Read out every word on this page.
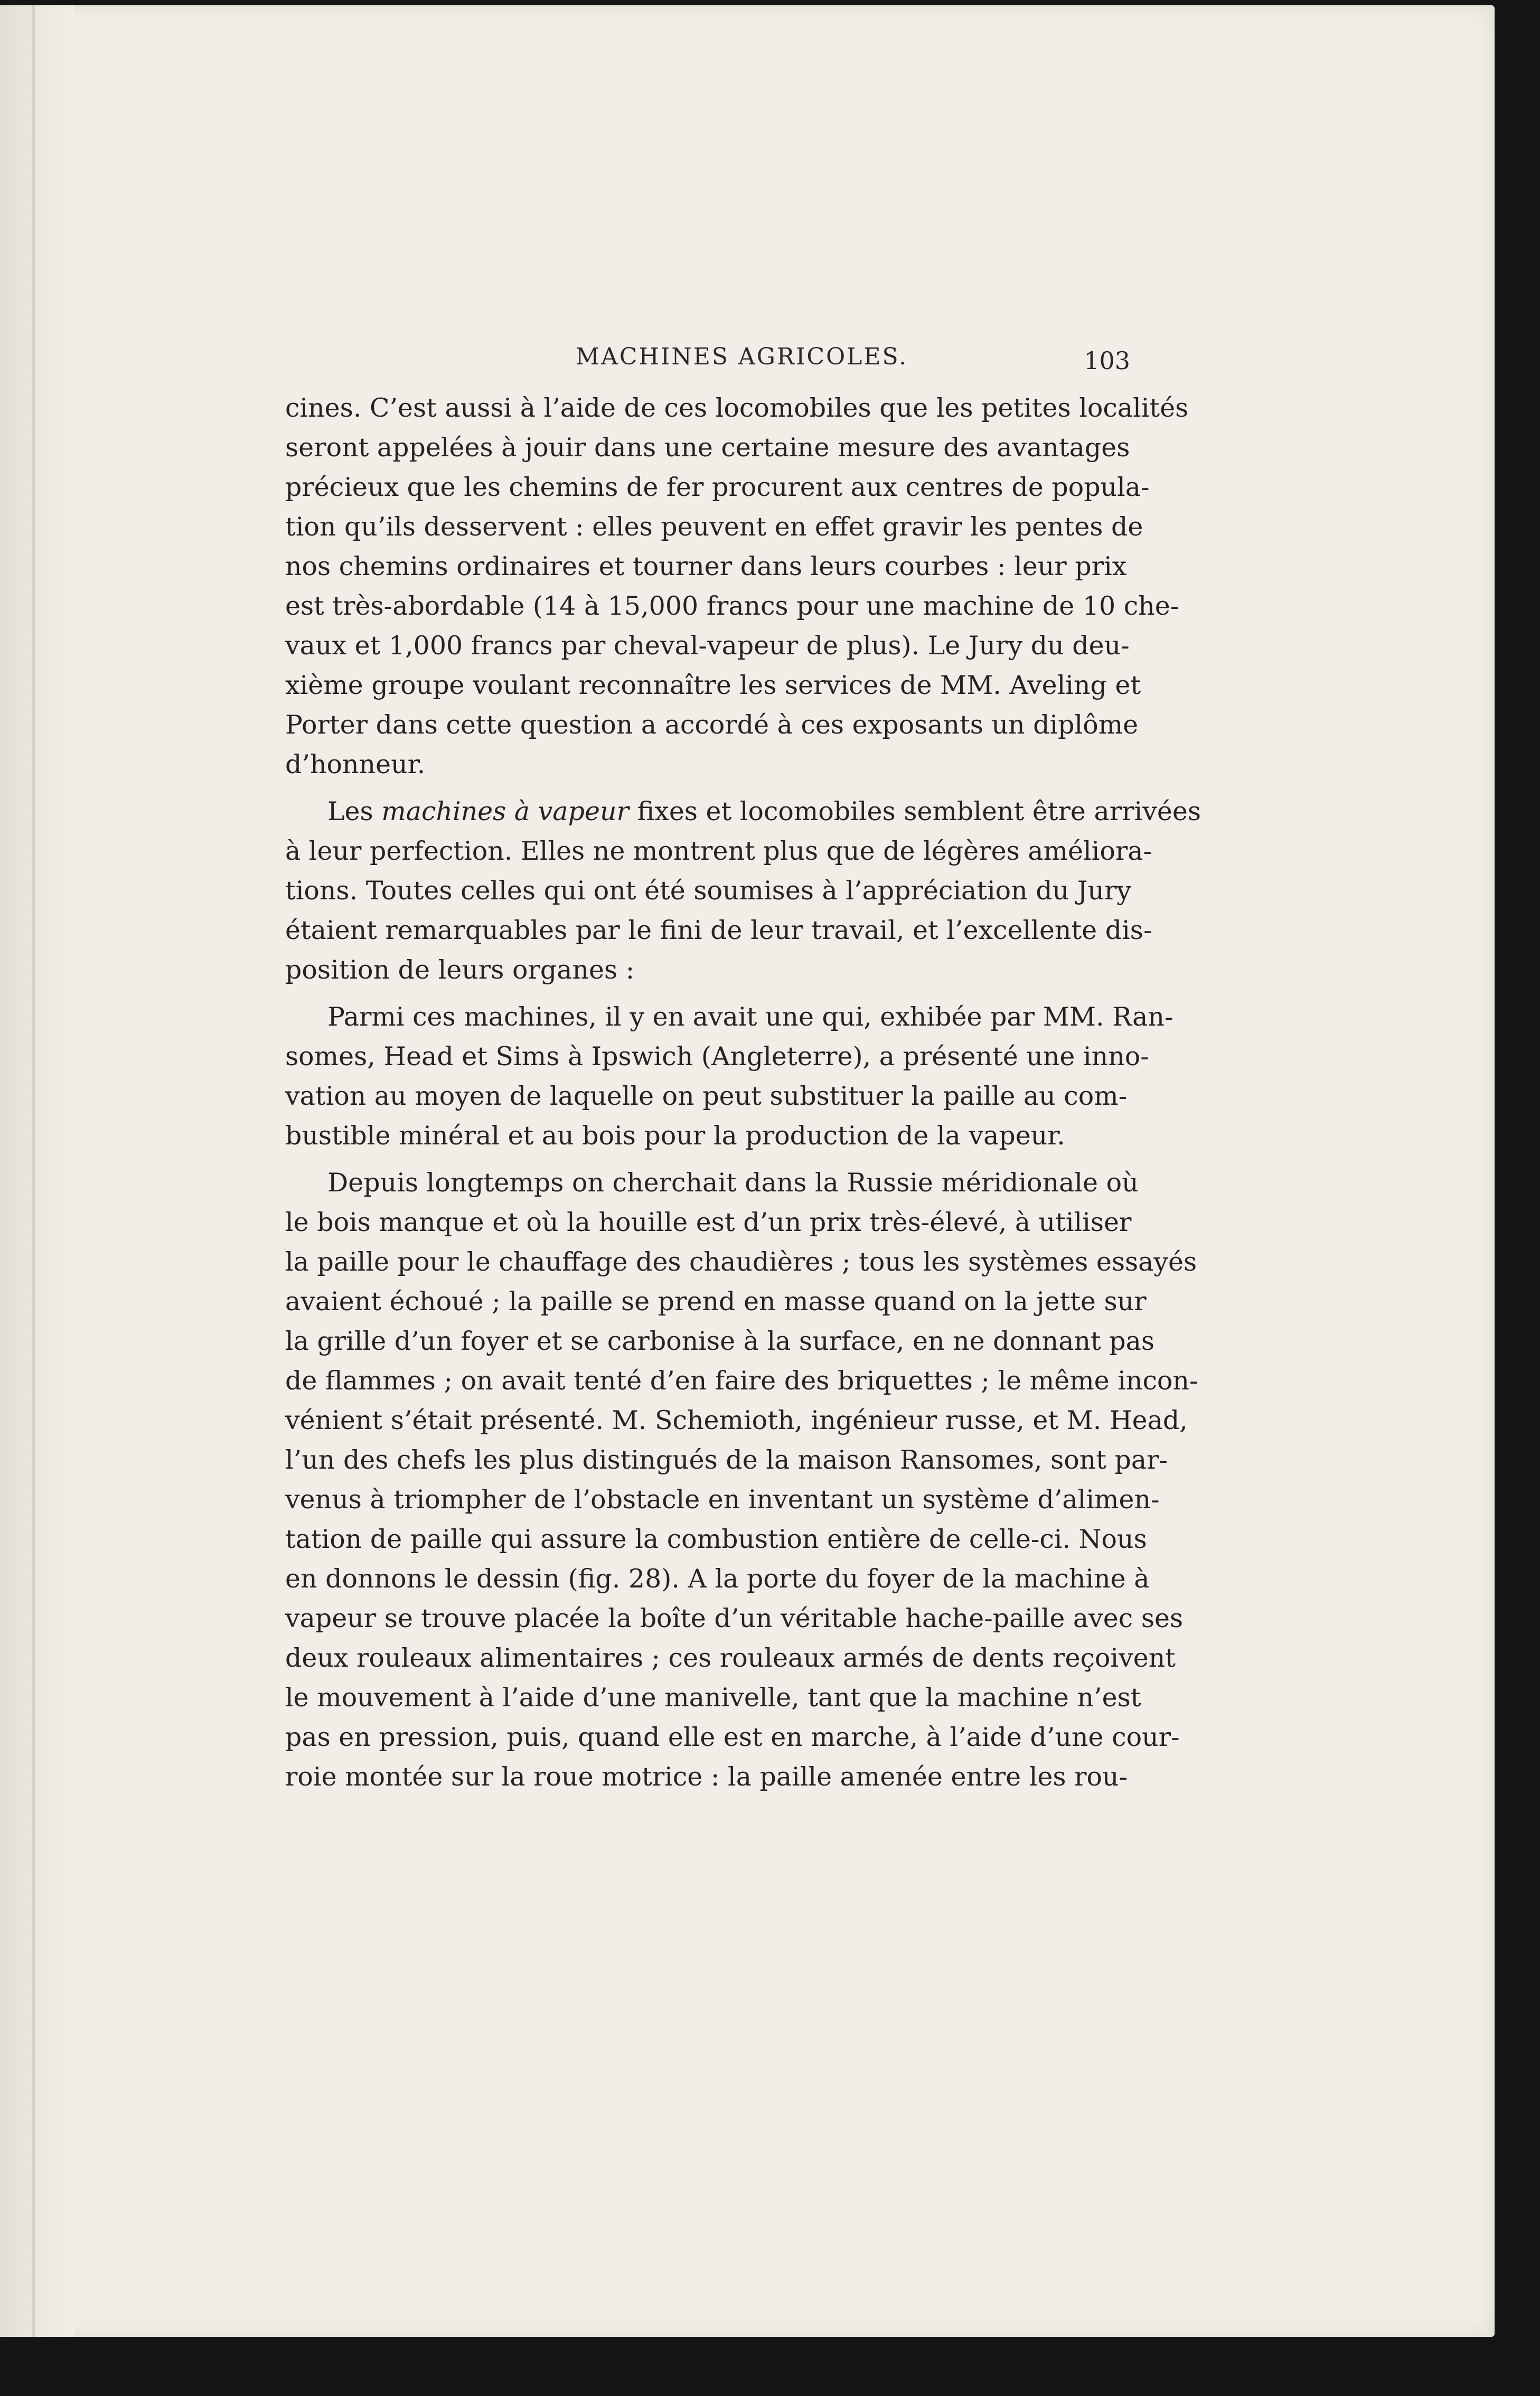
MACHINES AGRICOLES.	103
cines. C’est aussi à l’aide de ces locomobiles que les petites localités
seront appelées à jouir dans une certaine mesure des avantages
précieux que les chemins de fer procurent aux centres de popula-
tion qu’ils desservent : elles peuvent en effet gravir les pentes de
nos chemins ordinaires et tourner dans leurs courbes : leur prix
est très-abordable (14 à 15,000 francs pour une machine de 10 che-
vaux et 1,000 francs par cheval-vapeur de plus). Le Jury du deu-
xième groupe voulant reconnaître les services de MM. Aveling et
Porter dans cette question a accordé à ces exposants un diplôme
d’honneur.
Les machines à vapeur fixes et locomobiles semblent être arrivées
à leur perfection. Elles ne montrent plus que de légères améliora-
tions. Toutes celles qui ont été soumises à l’appréciation du Jury
étaient remarquables par le fini de leur travail, et l’excellente dis-
position de leurs organes :
Parmi ces machines, il y en avait une qui, exhibée par MM. Ran-
somes, Head et Sims à Ipswich (Angleterre), a présenté une inno-
vation au moyen de laquelle on peut substituer la paille au com-
bustible minéral et au bois pour la production de la vapeur.
Depuis longtemps on cherchait dans la Russie méridionale où
le bois manque et où la houille est d’un prix très-élevé, à utiliser
la paille pour le chauffage des chaudières ; tous les systèmes essayés
avaient échoué ; la paille se prend en masse quand on la jette sur
la grille d’un foyer et se carbonise à la surface, en ne donnant pas
de flammes ; on avait tenté d’en faire des briquettes ; le même incon-
vénient s’était présenté. M. Schemioth, ingénieur russe, et M. Head,
l’un des chefs les plus distingués de la maison Ransomes, sont par-
venus à triompher de l’obstacle en inventant un système d’alimen-
tation de paille qui assure la combustion entière de celle-ci. Nous
en donnons le dessin (fig. 28). A la porte du foyer de la machine à
vapeur se trouve placée la boîte d’un véritable hache-paille avec ses
deux rouleaux alimentaires ; ces rouleaux armés de dents reçoivent
le mouvement à l’aide d’une manivelle, tant que la machine n’est
pas en pression, puis, quand elle est en marche, à l’aide d’une cour-
roie montée sur la roue motrice : la paille amenée entre les rou-
